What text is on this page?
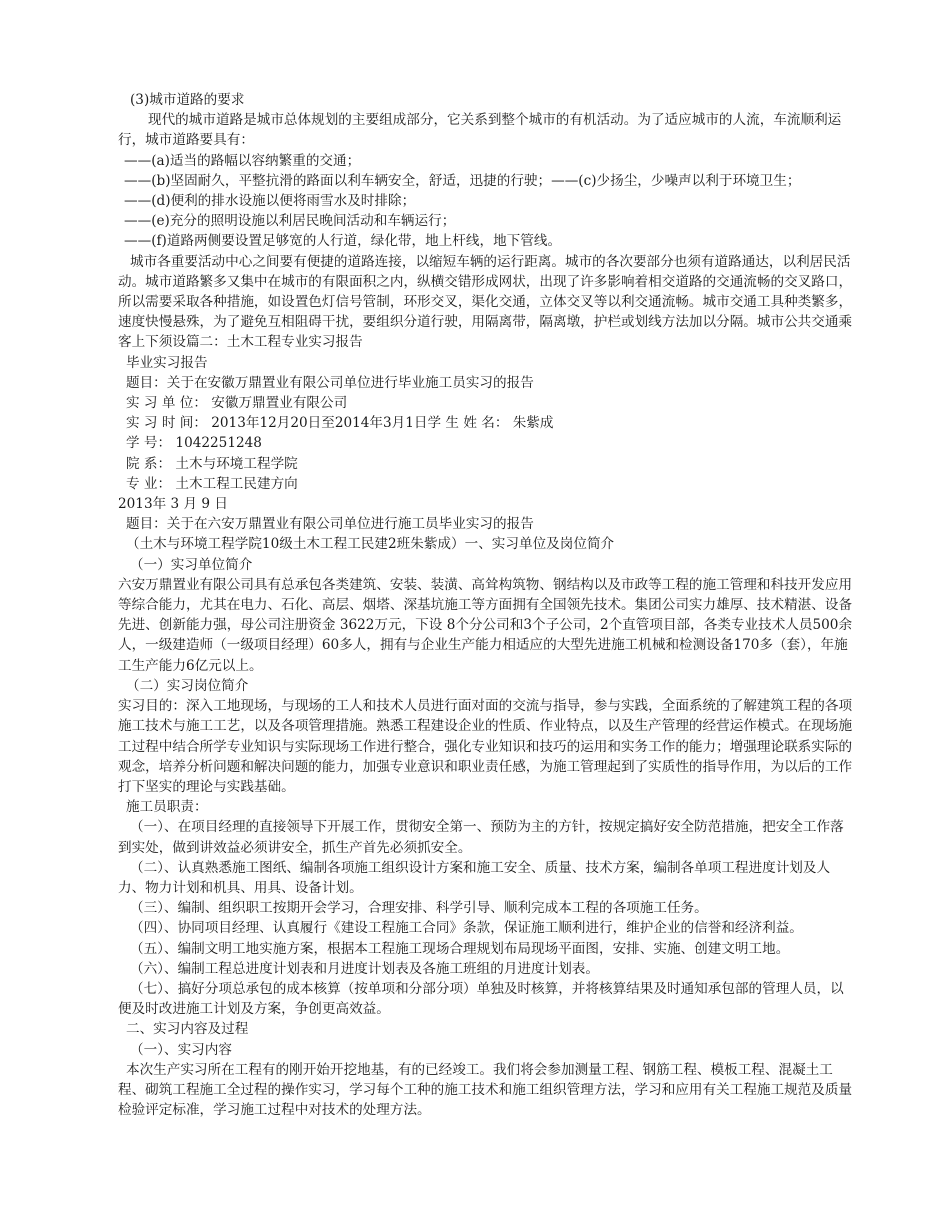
(3)城市道路的要求

现代的城市道路是城市总体规划的主要组成部分，它关系到整个城市的有机活动。为了适应城市的人流，车流顺利运行，城市道路要具有：

——(a)适当的路幅以容纳繁重的交通；

——(b)坚固耐久，平整抗滑的路面以利车辆安全，舒适，迅捷的行驶；——(c)少扬尘，少噪声以利于环境卫生；

——(d)便利的排水设施以便将雨雪水及时排除；

——(e)充分的照明设施以利居民晚间活动和车辆运行；

——(f)道路两侧要设置足够宽的人行道，绿化带，地上杆线，地下管线。

城市各重要活动中心之间要有便捷的道路连接，以缩短车辆的运行距离。城市的各次要部分也须有道路通达，以利居民活动。城市道路繁多又集中在城市的有限面积之内，纵横交错形成网状，出现了许多影响着相交道路的交通流畅的交叉路口，所以需要采取各种措施，如设置色灯信号管制，环形交叉，渠化交通，立体交叉等以利交通流畅。城市交通工具种类繁多，速度快慢悬殊，为了避免互相阻碍干扰，要组织分道行驶，用隔离带，隔离墩，护栏或划线方法加以分隔。城市公共交通乘客上下须设篇二：土木工程专业实习报告

毕业实习报告

题目：关于在安徽万鼎置业有限公司单位进行毕业施工员实习的报告

实 习 单 位： 安徽万鼎置业有限公司

实 习 时 间： 2013年12月20日至2014年3月1日学 生 姓 名： 朱紫成

学 号： 1042251248

院 系： 土木与环境工程学院

专 业： 土木工程工民建方向

2013年 3 月 9 日

题目：关于在六安万鼎置业有限公司单位进行施工员毕业实习的报告

（土木与环境工程学院10级土木工程工民建2班朱紫成）一、实习单位及岗位简介

（一）实习单位简介

六安万鼎置业有限公司具有总承包各类建筑、安装、装潢、高耸构筑物、钢结构以及市政等工程的施工管理和科技开发应用等综合能力，尤其在电力、石化、高层、烟塔、深基坑施工等方面拥有全国领先技术。集团公司实力雄厚、技术精湛、设备先进、创新能力强，母公司注册资金 3622万元，下设 8个分公司和3个子公司，2个直管项目部，各类专业技术人员500余人，一级建造师（一级项目经理）60多人，拥有与企业生产能力相适应的大型先进施工机械和检测设备170多（套），年施工生产能力6亿元以上。

（二）实习岗位简介

实习目的：深入工地现场，与现场的工人和技术人员进行面对面的交流与指导，参与实践，全面系统的了解建筑工程的各项施工技术与施工工艺，以及各项管理措施。熟悉工程建设企业的性质、作业特点，以及生产管理的经营运作模式。在现场施工过程中结合所学专业知识与实际现场工作进行整合，强化专业知识和技巧的运用和实务工作的能力；增强理论联系实际的观念，培养分析问题和解决问题的能力，加强专业意识和职业责任感，为施工管理起到了实质性的指导作用，为以后的工作打下坚实的理论与实践基础。

施工员职责：

（一）、在项目经理的直接领导下开展工作，贯彻安全第一、预防为主的方针，按规定搞好安全防范措施，把安全工作落到实处，做到讲效益必须讲安全，抓生产首先必须抓安全。

（二）、认真熟悉施工图纸、编制各项施工组织设计方案和施工安全、质量、技术方案，编制各单项工程进度计划及人力、物力计划和机具、用具、设备计划。

（三）、编制、组织职工按期开会学习，合理安排、科学引导、顺利完成本工程的各项施工任务。

（四）、协同项目经理、认真履行《建设工程施工合同》条款，保证施工顺利进行，维护企业的信誉和经济利益。

（五）、编制文明工地实施方案，根据本工程施工现场合理规划布局现场平面图，安排、实施、创建文明工地。

（六）、编制工程总进度计划表和月进度计划表及各施工班组的月进度计划表。

（七）、搞好分项总承包的成本核算（按单项和分部分项）单独及时核算，并将核算结果及时通知承包部的管理人员，以便及时改进施工计划及方案，争创更高效益。

二、实习内容及过程

（一）、实习内容

本次生产实习所在工程有的刚开始开挖地基，有的已经竣工。我们将会参加测量工程、钢筋工程、模板工程、混凝土工程、砌筑工程施工全过程的操作实习，学习每个工种的施工技术和施工组织管理方法，学习和应用有关工程施工规范及质量检验评定标准，学习施工过程中对技术的处理方法。
